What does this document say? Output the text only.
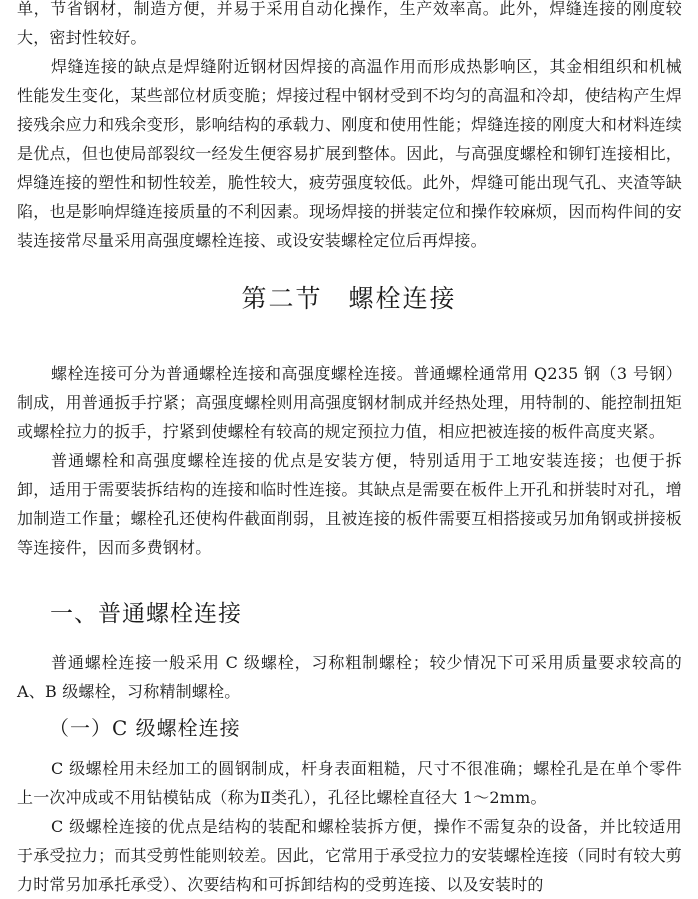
单，节省钢材，制造方便，并易于采用自动化操作，生产效率高。此外，焊缝连接的刚度较大，密封性较好。

焊缝连接的缺点是焊缝附近钢材因焊接的高温作用而形成热影响区，其金相组织和机械性能发生变化，某些部位材质变脆；焊接过程中钢材受到不均匀的高温和冷却，使结构产生焊接残余应力和残余变形，影响结构的承载力、刚度和使用性能；焊缝连接的刚度大和材料连续是优点，但也使局部裂纹一经发生便容易扩展到整体。因此，与高强度螺栓和铆钉连接相比，焊缝连接的塑性和韧性较差，脆性较大，疲劳强度较低。此外，焊缝可能出现气孔、夹渣等缺陷，也是影响焊缝连接质量的不利因素。现场焊接的拼装定位和操作较麻烦，因而构件间的安装连接常尽量采用高强度螺栓连接、或设安装螺栓定位后再焊接。

第二节 螺栓连接

螺栓连接可分为普通螺栓连接和高强度螺栓连接。普通螺栓通常用 Q235 钢（3 号钢）制成，用普通扳手拧紧；高强度螺栓则用高强度钢材制成并经热处理，用特制的、能控制扭矩或螺栓拉力的扳手，拧紧到使螺栓有较高的规定预拉力值，相应把被连接的板件高度夹紧。

普通螺栓和高强度螺栓连接的优点是安装方便，特别适用于工地安装连接；也便于拆卸，适用于需要装拆结构的连接和临时性连接。其缺点是需要在板件上开孔和拼装时对孔，增加制造工作量；螺栓孔还使构件截面削弱，且被连接的板件需要互相搭接或另加角钢或拼接板等连接件，因而多费钢材。

一、普通螺栓连接

普通螺栓连接一般采用 C 级螺栓，习称粗制螺栓；较少情况下可采用质量要求较高的 A、B 级螺栓，习称精制螺栓。

（一）C 级螺栓连接

C 级螺栓用未经加工的圆钢制成，杆身表面粗糙，尺寸不很准确；螺栓孔是在单个零件上一次冲成或不用钻模钻成（称为Ⅱ类孔），孔径比螺栓直径大 1～2mm。

C 级螺栓连接的优点是结构的装配和螺栓装拆方便，操作不需复杂的设备，并比较适用于承受拉力；而其受剪性能则较差。因此，它常用于承受拉力的安装螺栓连接（同时有较大剪力时常另加承托承受）、次要结构和可拆卸结构的受剪连接、以及安装时的
